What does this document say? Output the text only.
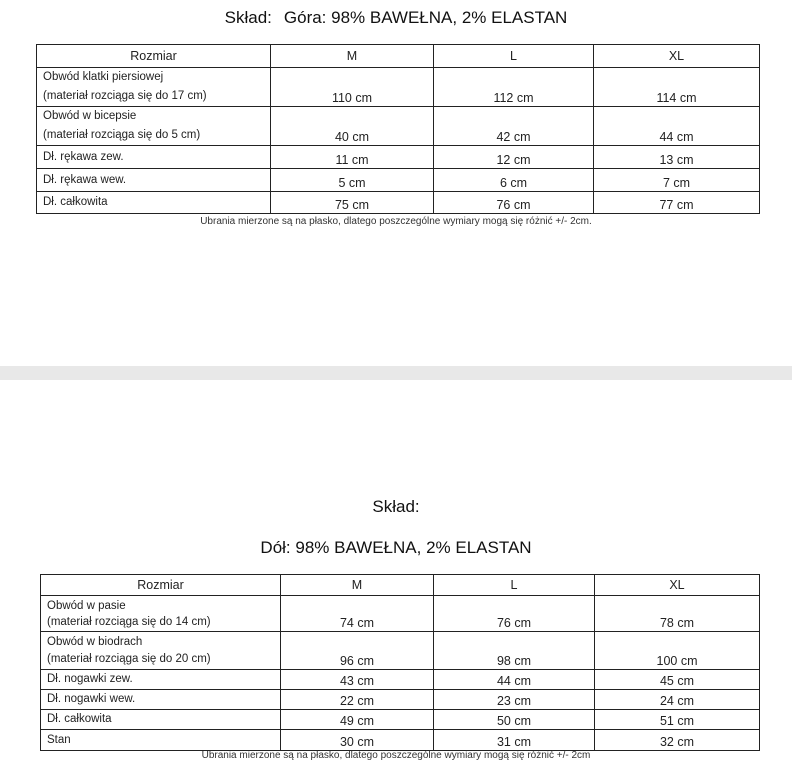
Skład: Góra: 98% BAWEŁNA, 2% ELASTAN
Rozmiar	M	L	XL

Obwód klatki piersiowej
(materiał rozciąga się do 17 cm)	110 cm	112 cm	114 cm

Obwód w bicepsie
(materiał rozciąga się do 5 cm)	40 cm	42 cm	44 cm
Dł. rękawa zew.	11 cm	12 cm	13 cm
Dł. rękawa wew.	5 cm	6 cm	7 cm
Dł. całkowita	75 cm	76 cm	77 cm
Ubrania mierzone są na płasko, dlatego poszczególne wymiary mogą się różnić +/- 2cm.
Skład:
Dół: 98% BAWEŁNA, 2% ELASTAN
Rozmiar	M	L	XL

Obwód w pasie
(materiał rozciąga się do 14 cm)	74 cm	76 cm	78 cm

Obwód w biodrach
(materiał rozciąga się do 20 cm)	96 cm	98 cm	100 cm
Dł. nogawki zew.	43 cm	44 cm	45 cm
Dł. nogawki wew.	22 cm	23 cm	24 cm
Dł. całkowita	49 cm	50 cm	51 cm
Stan	30 cm	31 cm	32 cm
Ubrania mierzone są na płasko, dlatego poszczególne wymiary mogą się różnić +/- 2cm
